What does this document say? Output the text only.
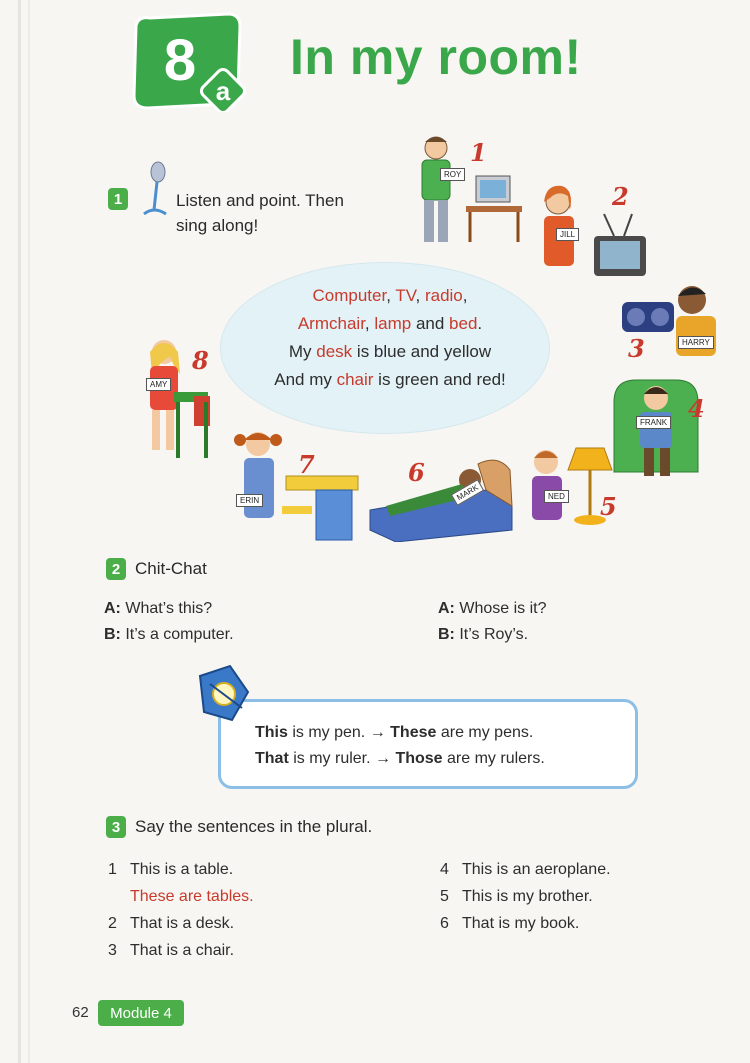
8 a
In my room!
1	Listen and point. Then
sing along!
Computer, TV, radio,
Armchair, lamp and bed.
My desk is blue and yellow
And my chair is green and red!
ROY
1
JILL
2
HARRY
3
FRANK 4
NED 5
MARK
6
ERIN
7
AMY
8
2 Chit-Chat
A: What’s this?
B: It’s a computer.
A: Whose is it?
B: It’s Roy’s.
This is my pen. → These are my pens.
That is my ruler. → Those are my rulers.
3 Say the sentences in the plural.
1 This is a table.
These are tables.
2 That is a desk.
3 That is a chair.
4 This is an aeroplane.
5 This is my brother.
6 That is my book.
62	Module 4
